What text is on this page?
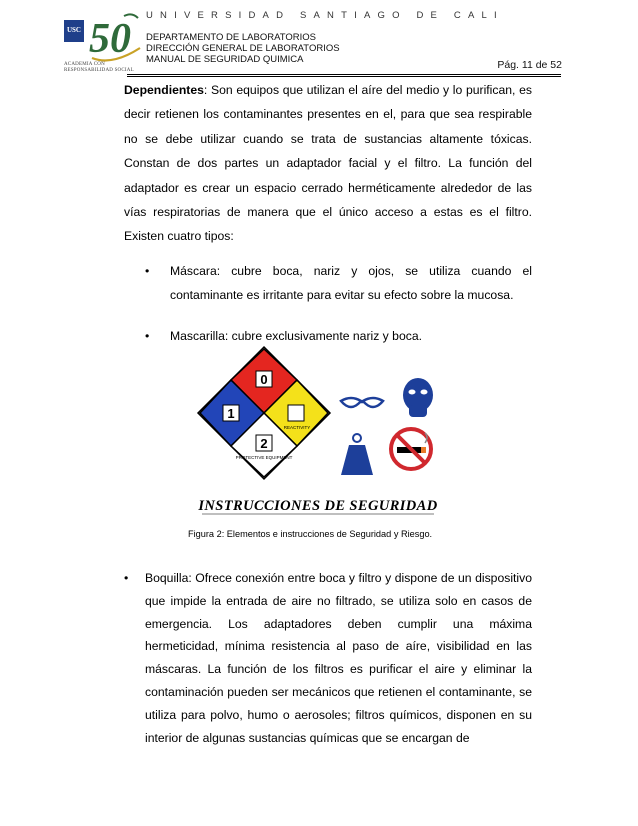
USC 50
ACADEMIA CON
RESPONSABILIDAD SOCIAL
UNIVERSIDAD SANTIAGO DE CALI
DEPARTAMENTO DE LABORATORIOS
DIRECCIÓN GENERAL DE LABORATORIOS
MANUAL DE SEGURIDAD QUIMICA	Pág. 11 de 52

Dependientes: Son equipos que utilizan el aíre del medio y lo purifican, es decir retienen los contaminantes presentes en el, para que sea respirable no se debe utilizar cuando se trata de sustancias altamente tóxicas. Constan de dos partes un adaptador facial y el filtro. La función del adaptador es crear un espacio cerrado herméticamente alrededor de las vías respiratorias de manera que el único acceso a estas es el filtro. Existen cuatro tipos:

• Máscara: cubre boca, nariz y ojos, se utiliza cuando el contaminante es irritante para evitar su efecto sobre la mucosa.
• Mascarilla: cubre exclusivamente nariz y boca.
0
1
REACTIVITY
2
PROTECTIVE EQUIPMENT
INSTRUCCIONES DE SEGURIDAD
Figura 2: Elementos e instrucciones de Seguridad y Riesgo.
• Boquilla: Ofrece conexión entre boca y filtro y dispone de un dispositivo que impide la entrada de aire no filtrado, se utiliza solo en casos de emergencia. Los adaptadores deben cumplir una máxima hermeticidad, mínima resistencia al paso de aíre, visibilidad en las máscaras. La función de los filtros es purificar el aire y eliminar la contaminación pueden ser mecánicos que retienen el contaminante, se utiliza para polvo, humo o aerosoles; filtros químicos, disponen en su interior de algunas sustancias químicas que se encargan de
